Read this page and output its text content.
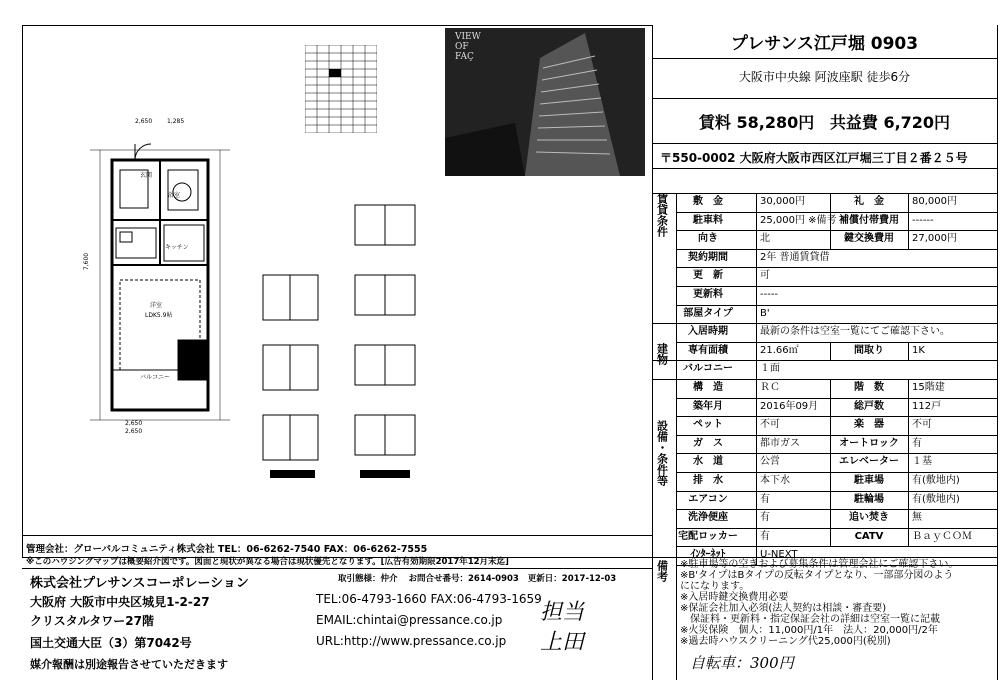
2,650 1,285
2,650
2,650
7,600
洋室
LDK5.9帖
バルコニー
キッチン
浴室
玄関
VIEW
OF
FAÇ
プレサンス江戸堀 0903
大阪市中央線 阿波座駅 徒歩6分
賃料 58,280円 共益費 6,720円
〒550-0002 大阪府大阪市西区江戸堀三丁目２番２５号
敷　金	30,000円	礼　金	80,000円
駐車料	25,000円 ※備考 補償付帯費用	------
向き	北	鍵交換費用	27,000円
契約期間	2年 普通賃貸借
更　新	可
更新料	-----
部屋タイプ	B'
入居時期	最新の条件は空室一覧にてご確認下さい。
専有面積	21.66㎡	間取り	1K
バルコニー	１面
構　造	ＲＣ	階　数	15階建
築年月	2016年09月	総戸数	112戸
ペット	不可	楽　器	不可
ガ　ス	都市ガス	オートロック	有
水　道	公営	エレベーター	１基
排　水	本下水	駐車場	有(敷地内)
エアコン	有	駐輪場	有(敷地内)
洗浄便座	有	追い焚き	無
宅配ロッカー 有	CATV	ＢａｙＣＯＭ
ｲﾝﾀｰﾈｯﾄ	U-NEXT
賃貸条件
建物
設備・条件等
備考 ※駐車場等の空きおよび募集条件は管理会社にご確認下さい。
※B'タイプはBタイプの反転タイプとなり、一部部分図のよう
にになります。
※入居時鍵交換費用必要
※保証会社加入必須(法人契約は相談・審査要)
　保証料・更新料・指定保証会社の詳細は空室一覧に記載
※火災保険　個人：11,000円/1年　法人：20,000円/2年
※過去時ハウスクリーニング代25,000円(税別)
自転車：300円
管理会社：グローバルコミュニティ株式会社 TEL：06-6262-7540 FAX：06-6262-7555
※このハウジングマップは概要紹介図です。図面と現状が異なる場合は現状優先となります。[広告有効期限2017年12月末迄]
株式会社プレサンスコーポレーション
大阪府 大阪市中央区城見1-2-27
クリスタルタワー27階
国土交通大臣（3）第7042号
媒介報酬は別途報告させていただきます
取引態様：仲介 お問合せ番号：2614-0903 更新日：2017-12-03
TEL:06-4793-1660 FAX:06-4793-1659
EMAIL:chintai@pressance.co.jp
URL:http://www.pressance.co.jp
担当
上田
